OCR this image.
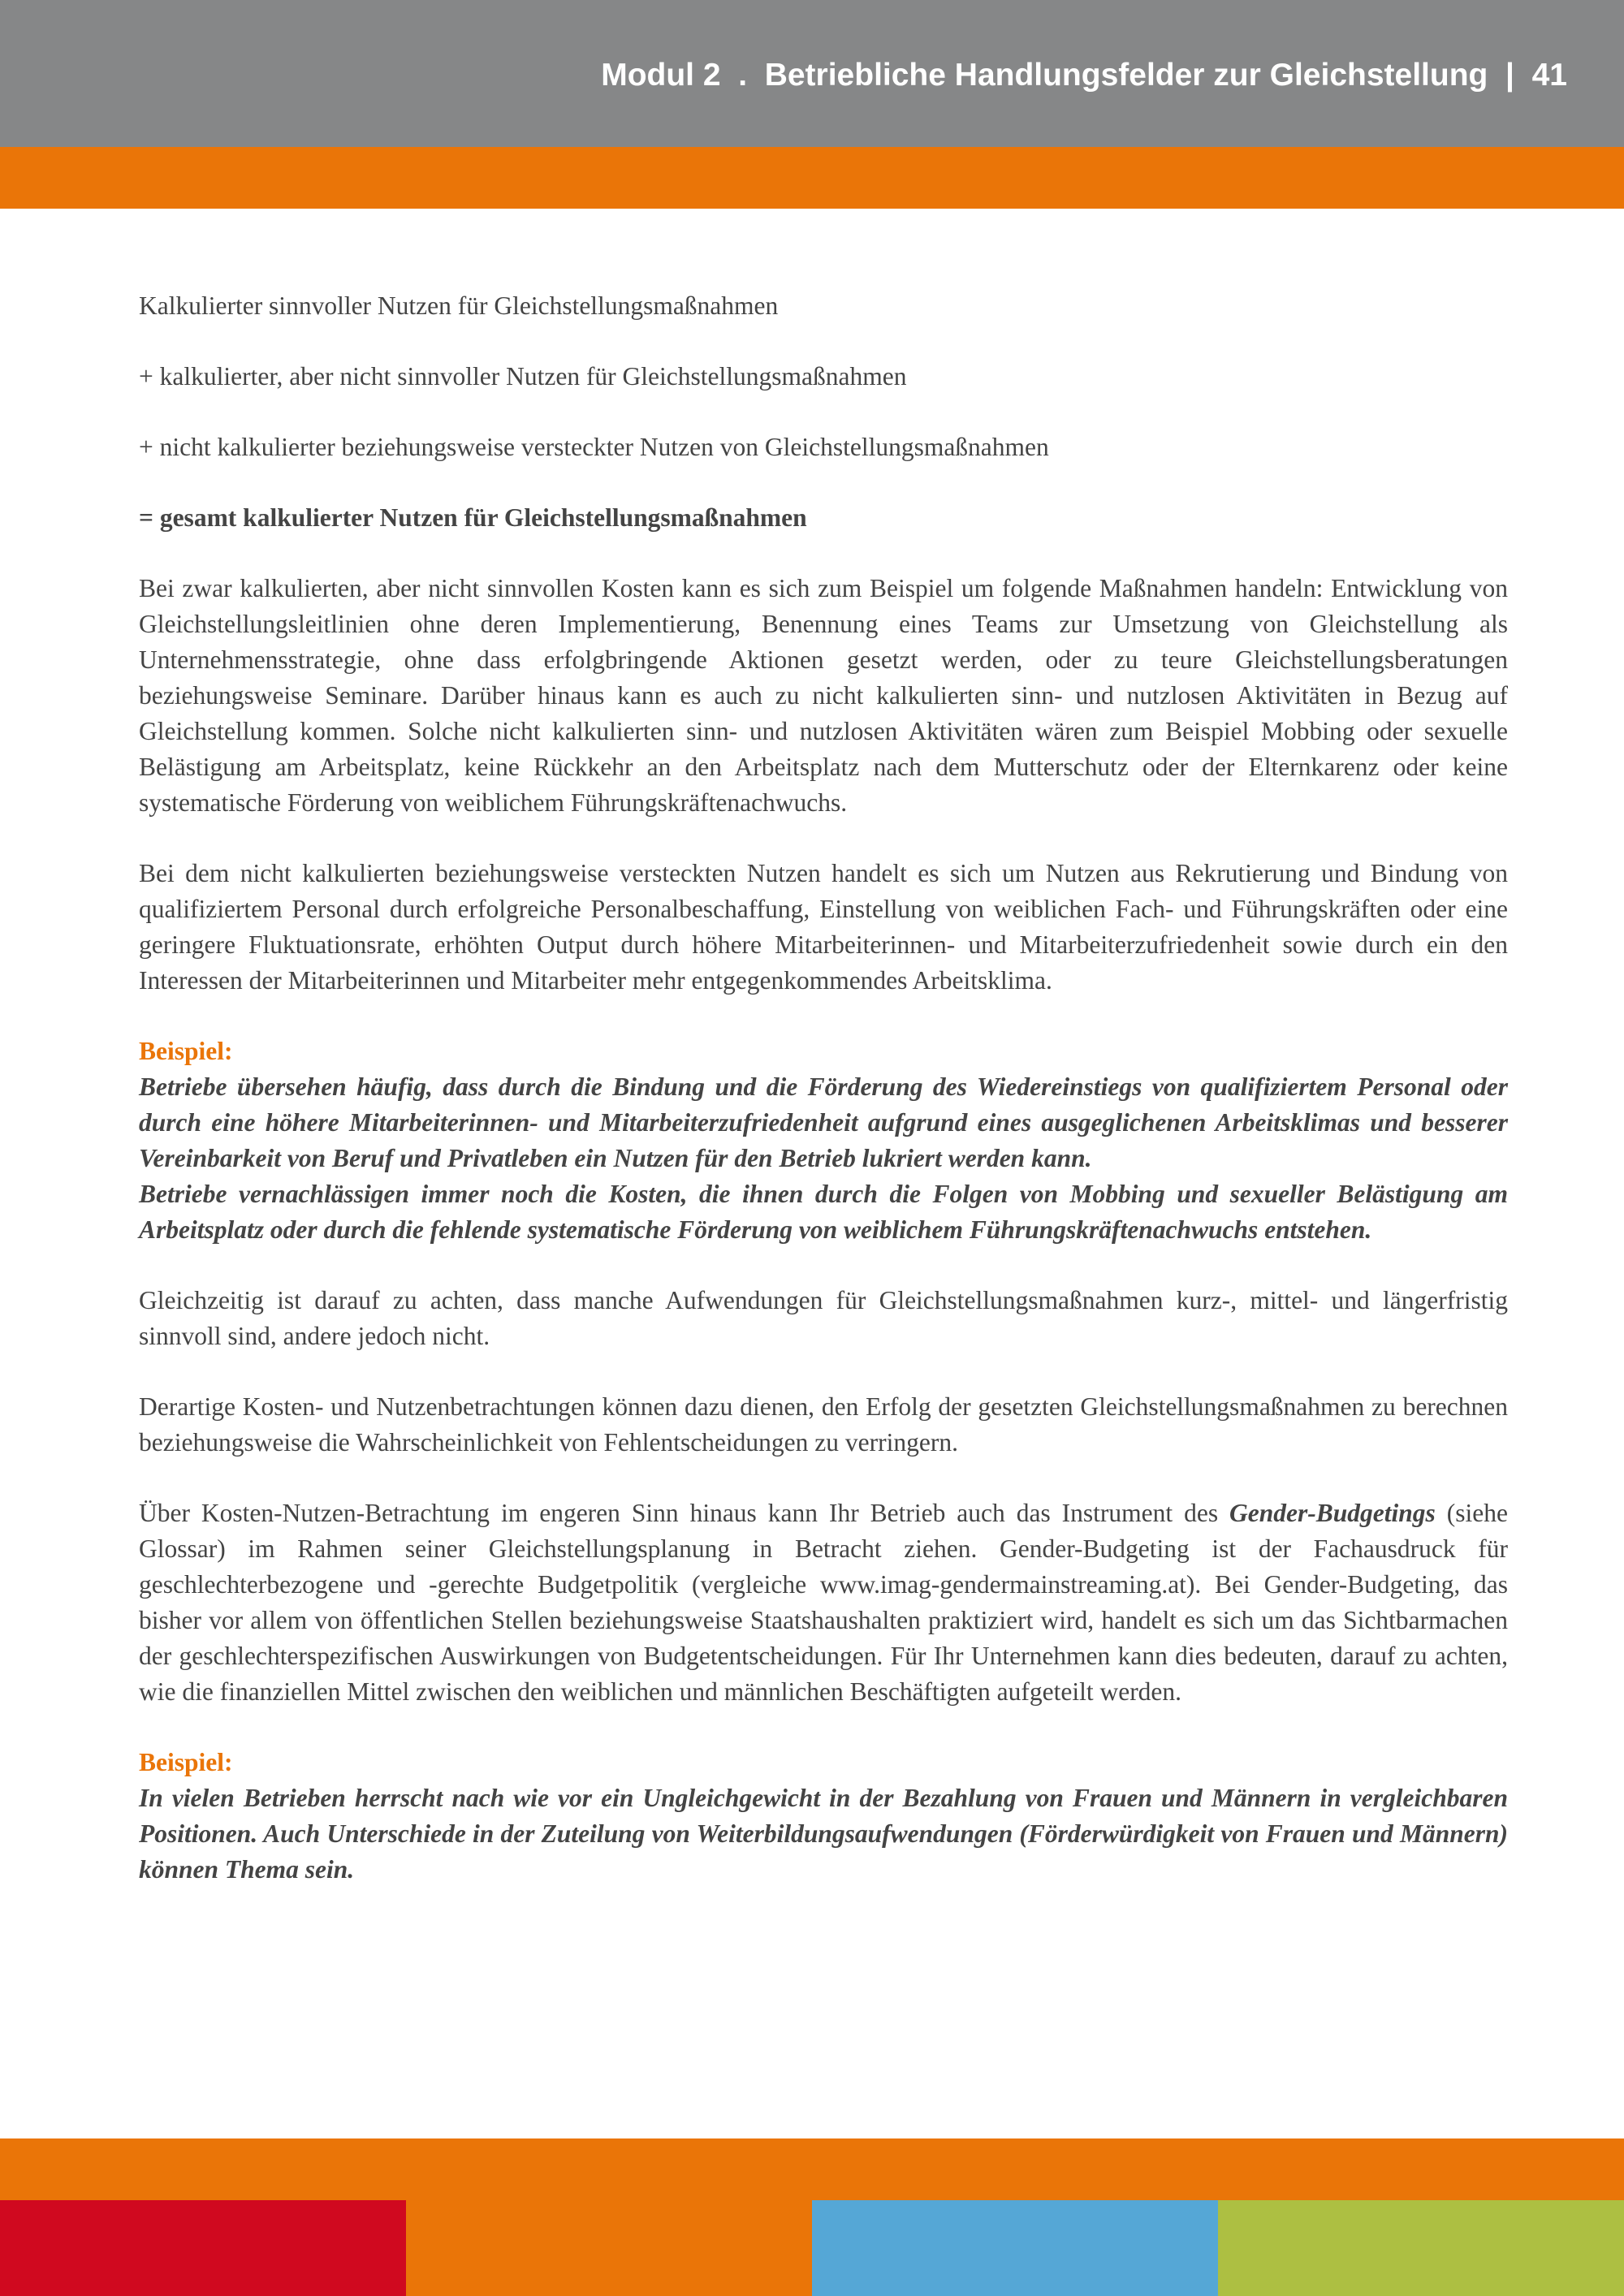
Modul 2  .  Betriebliche Handlungsfelder zur Gleichstellung  |  41

Kalkulierter sinnvoller Nutzen für Gleichstellungsmaßnahmen

+ kalkulierter, aber nicht sinnvoller Nutzen für Gleichstellungsmaßnahmen

+ nicht kalkulierter beziehungsweise versteckter Nutzen von Gleichstellungsmaßnahmen

= gesamt kalkulierter Nutzen für Gleichstellungsmaßnahmen

Bei zwar kalkulierten, aber nicht sinnvollen Kosten kann es sich zum Beispiel um folgende Maßnahmen handeln: Entwicklung von Gleichstellungsleitlinien ohne deren Implementierung, Benennung eines Teams zur Umsetzung von Gleichstellung als Unternehmensstrategie, ohne dass erfolgbringende Aktionen gesetzt werden, oder zu teure Gleichstellungsberatungen beziehungsweise Seminare. Darüber hinaus kann es auch zu nicht kalkulierten sinn- und nutzlosen Aktivitäten in Bezug auf Gleichstellung kommen. Solche nicht kalkulierten sinn- und nutzlosen Aktivitäten wären zum Beispiel Mobbing oder sexuelle Belästigung am Arbeitsplatz, keine Rückkehr an den Arbeitsplatz nach dem Mutterschutz oder der Elternkarenz oder keine systematische Förderung von weiblichem Führungskräftenachwuchs.

Bei dem nicht kalkulierten beziehungsweise versteckten Nutzen handelt es sich um Nutzen aus Rekrutierung und Bindung von qualifiziertem Personal durch erfolgreiche Personalbeschaffung, Einstellung von weiblichen Fach- und Führungskräften oder eine geringere Fluktuationsrate, erhöhten Output durch höhere Mitarbeiterinnen- und Mitarbeiterzufriedenheit sowie durch ein den Interessen der Mitarbeiterinnen und Mitarbeiter mehr entgegenkommendes Arbeitsklima.

Beispiel:
Betriebe übersehen häufig, dass durch die Bindung und die Förderung des Wiedereinstiegs von qualifiziertem Personal oder durch eine höhere Mitarbeiterinnen- und Mitarbeiterzufriedenheit aufgrund eines ausgeglichenen Arbeitsklimas und besserer Vereinbarkeit von Beruf und Privatleben ein Nutzen für den Betrieb lukriert werden kann.
Betriebe vernachlässigen immer noch die Kosten, die ihnen durch die Folgen von Mobbing und sexueller Belästigung am Arbeitsplatz oder durch die fehlende systematische Förderung von weiblichem Führungskräftenachwuchs entstehen.

Gleichzeitig ist darauf zu achten, dass manche Aufwendungen für Gleichstellungsmaßnahmen kurz-, mittel- und längerfristig sinnvoll sind, andere jedoch nicht.

Derartige Kosten- und Nutzenbetrachtungen können dazu dienen, den Erfolg der gesetzten Gleichstellungsmaßnahmen zu berechnen beziehungsweise die Wahrscheinlichkeit von Fehlentscheidungen zu verringern.

Über Kosten-Nutzen-Betrachtung im engeren Sinn hinaus kann Ihr Betrieb auch das Instrument des Gender-Budgetings (siehe Glossar) im Rahmen seiner Gleichstellungsplanung in Betracht ziehen. Gender-Budgeting ist der Fachausdruck für geschlechterbezogene und -gerechte Budgetpolitik (vergleiche www.imag-gendermainstreaming.at). Bei Gender-Budgeting, das bisher vor allem von öffentlichen Stellen beziehungsweise Staatshaushalten praktiziert wird, handelt es sich um das Sichtbarmachen der geschlechterspezifischen Auswirkungen von Budgetentscheidungen. Für Ihr Unternehmen kann dies bedeuten, darauf zu achten, wie die finanziellen Mittel zwischen den weiblichen und männlichen Beschäftigten aufgeteilt werden.

Beispiel:
In vielen Betrieben herrscht nach wie vor ein Ungleichgewicht in der Bezahlung von Frauen und Männern in vergleichbaren Positionen. Auch Unterschiede in der Zuteilung von Weiterbildungsaufwendungen (Förderwürdigkeit von Frauen und Männern) können Thema sein.
